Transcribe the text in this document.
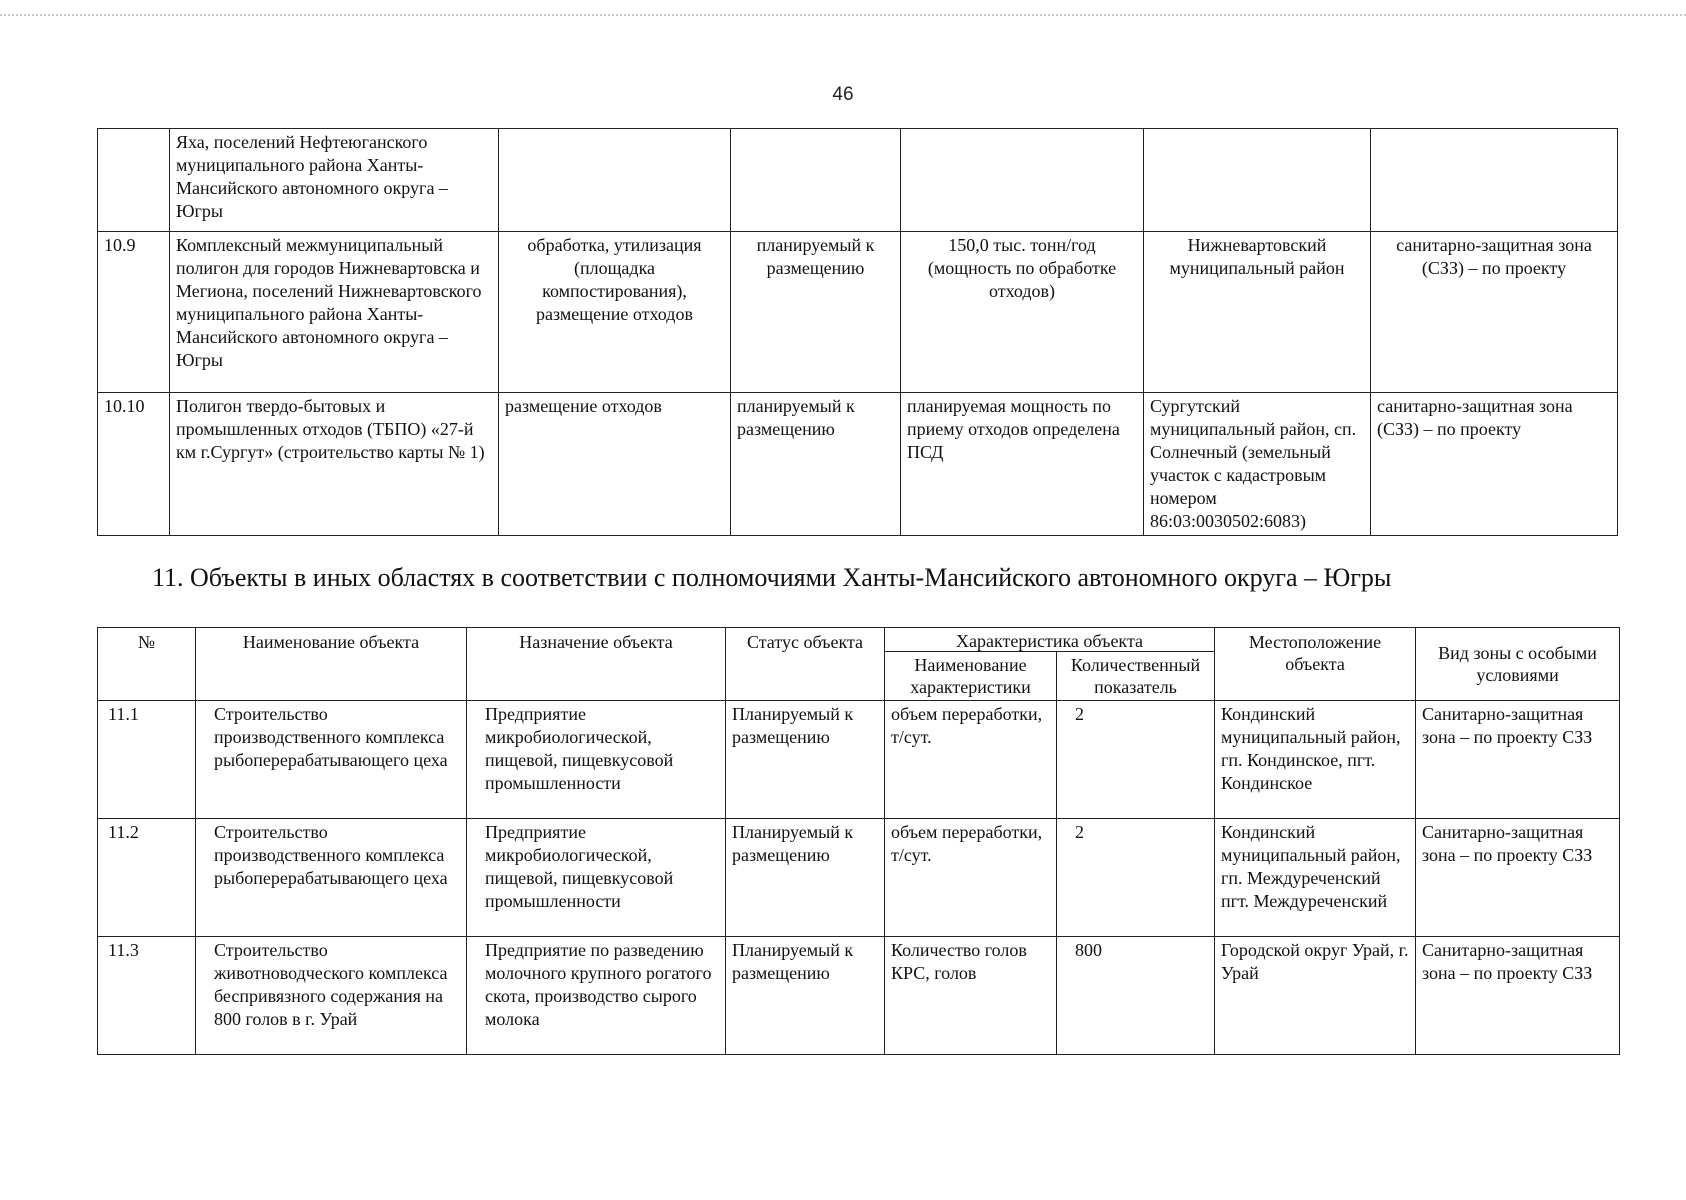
46
	Яха, поселений Нефтеюганского муниципального района Ханты-Мансийского автономного округа – Югры					
10.9	Комплексный межмуниципальный полигон для городов Нижневартовска и Мегиона, поселений Нижневартовского муниципального района Ханты-Мансийского автономного округа – Югры	обработка, утилизация (площадка компостирования), размещение отходов	планируемый к размещению	150,0 тыс. тонн/год (мощность по обработке отходов)	Нижневартовский муниципальный район	санитарно-защитная зона (СЗЗ) – по проекту
10.10	Полигон твердо-бытовых и промышленных отходов (ТБПО) «27-й км г.Сургут» (строительство карты № 1)	размещение отходов	планируемый к размещению	планируемая мощность по приему отходов определена ПСД	Сургутский муниципальный район, сп. Солнечный (земельный участок с кадастровым номером 86:03:0030502:6083)	санитарно-защитная зона (СЗЗ) – по проекту
11. Объекты в иных областях в соответствии с полномочиями Ханты-Мансийского автономного округа – Югры
№	Наименование объекта	Назначение объекта	Статус объекта	Характеристика объекта		Местоположение объекта	Вид зоны с особыми условиями
				Наименование характеристики	Количественный показатель		
11.1	Строительство производственного комплекса рыбоперерабатывающего цеха	Предприятие микробиологической, пищевой, пищевкусовой промышленности	Планируемый к размещению	объем переработки, т/сут.	2	Кондинский муниципальный район, гп. Кондинское, пгт. Кондинское	Санитарно-защитная зона – по проекту СЗЗ
11.2	Строительство производственного комплекса рыбоперерабатывающего цеха	Предприятие микробиологической, пищевой, пищевкусовой промышленности	Планируемый к размещению	объем переработки, т/сут.	2	Кондинский муниципальный район, гп. Междуреченский пгт. Междуреченский	Санитарно-защитная зона – по проекту СЗЗ
11.3	Строительство животноводческого комплекса беспривязного содержания на 800 голов в г. Урай	Предприятие по разведению молочного крупного рогатого скота, производство сырого молока	Планируемый к размещению	Количество голов КРС, голов	800	Городской округ Урай, г. Урай	Санитарно-защитная зона – по проекту СЗЗ
